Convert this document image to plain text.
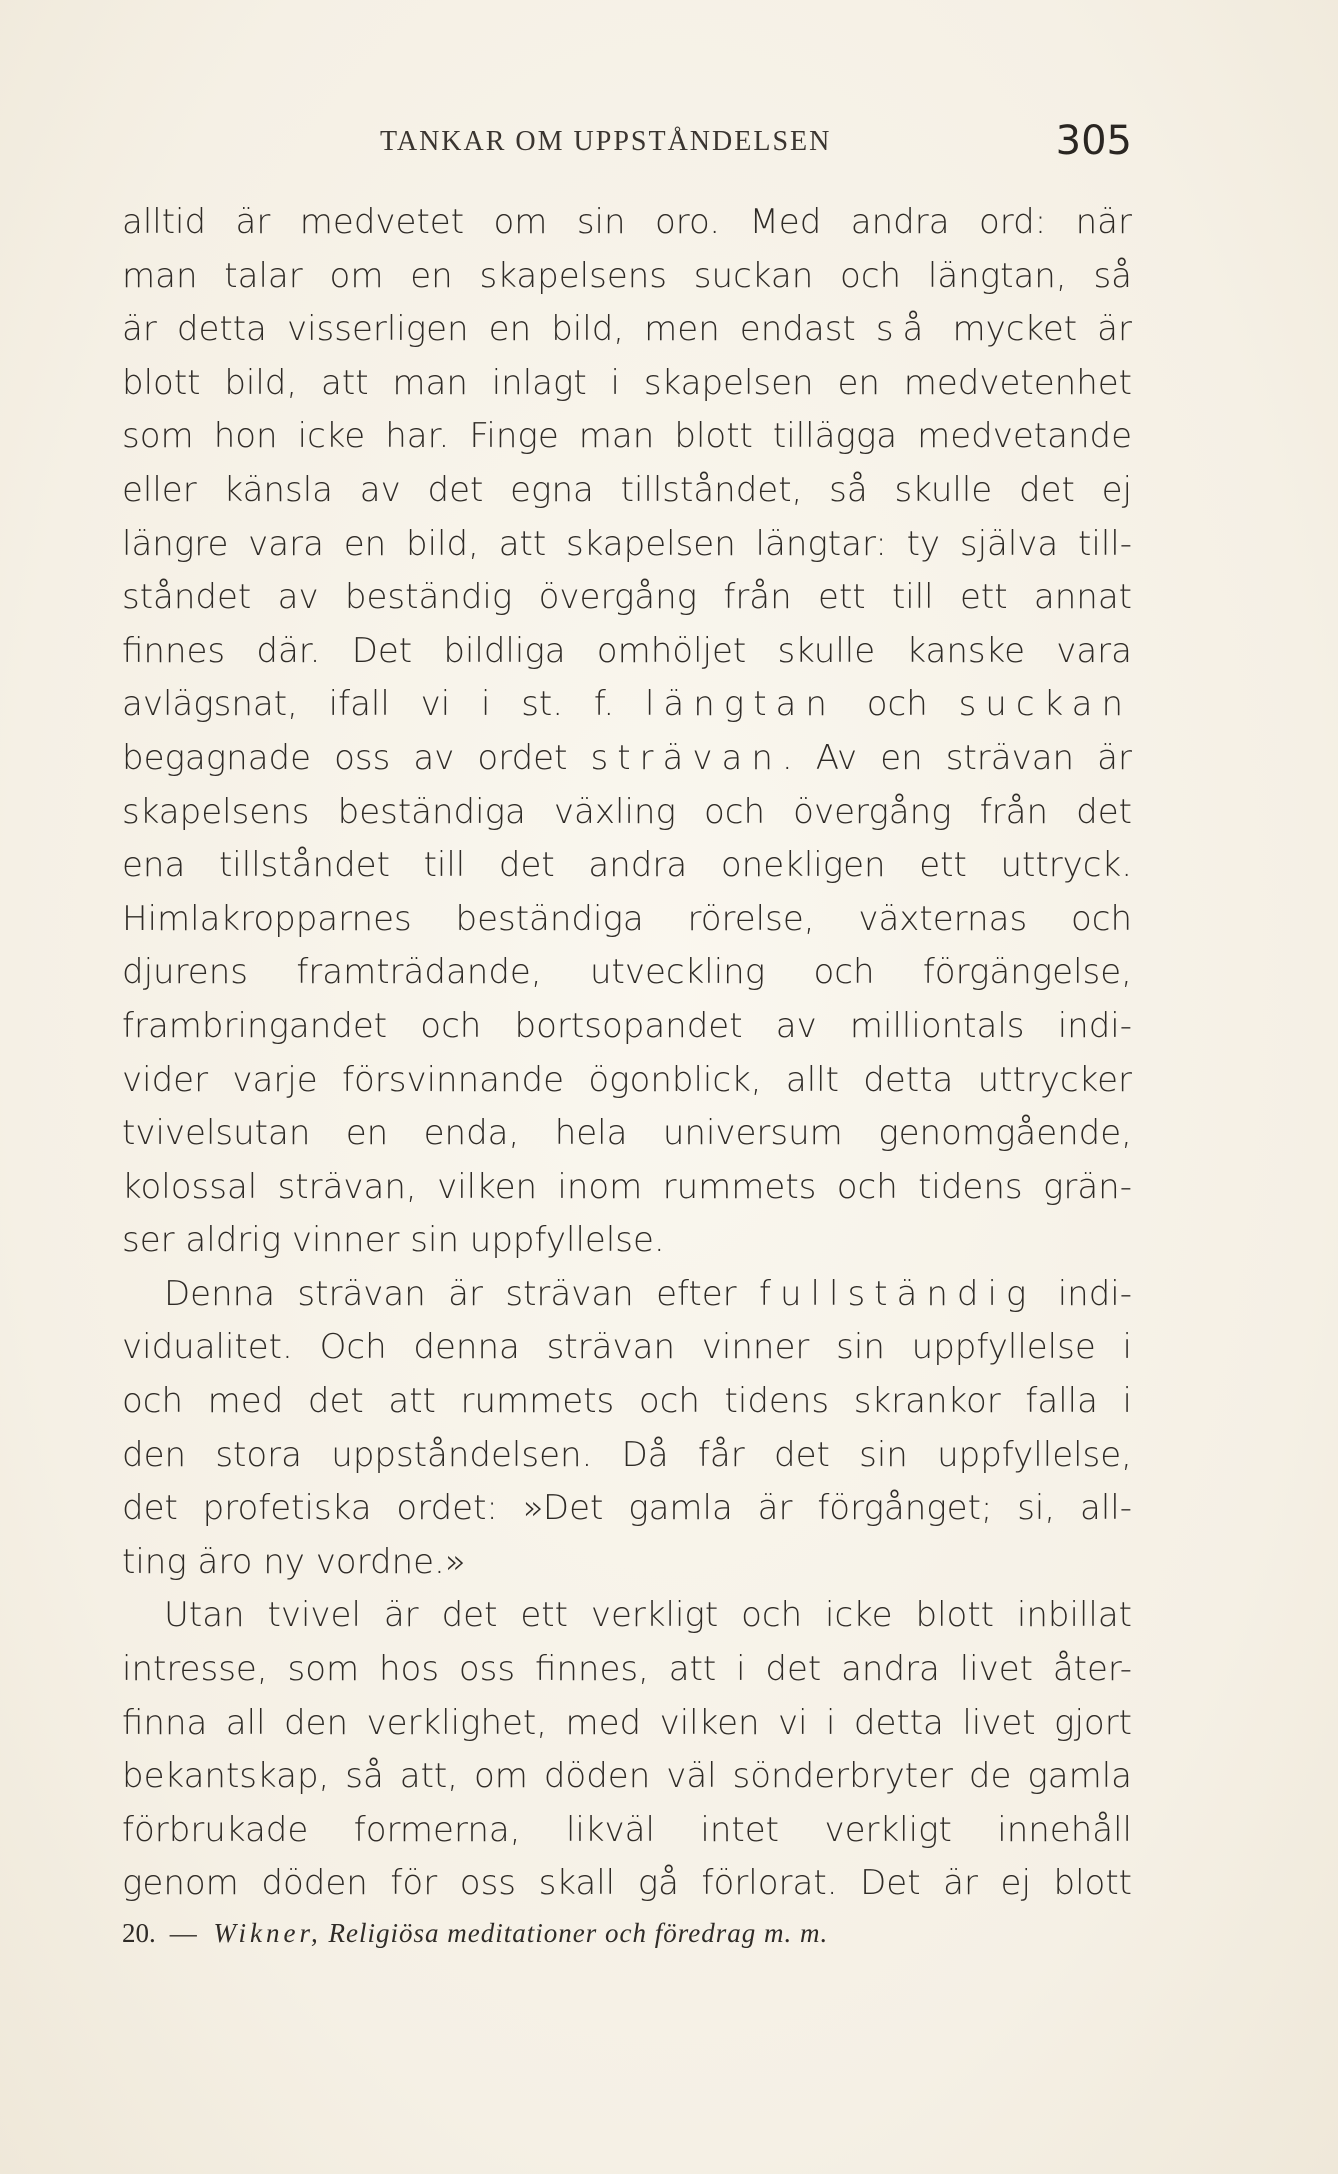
TANKAR OM UPPSTÅNDELSEN	305
alltid är medvetet om sin oro. Med andra ord: när
man talar om en skapelsens suckan och längtan, så
är detta visserligen en bild, men endast så mycket är
blott bild, att man inlagt i skapelsen en medvetenhet
som hon icke har. Finge man blott tillägga medvetande
eller känsla av det egna tillståndet, så skulle det ej
längre vara en bild, att skapelsen längtar: ty själva till-
ståndet av beständig övergång från ett till ett annat
finnes där. Det bildliga omhöljet skulle kanske vara
avlägsnat, ifall vi i st. f. längtan och suckan
begagnade oss av ordet strävan. Av en strävan är
skapelsens beständiga växling och övergång från det
ena tillståndet till det andra onekligen ett uttryck.
Himlakropparnes beständiga rörelse, växternas och
djurens framträdande, utveckling och förgängelse,
frambringandet och bortsopandet av milliontals indi-
vider varje försvinnande ögonblick, allt detta uttrycker
tvivelsutan en enda, hela universum genomgående,
kolossal strävan, vilken inom rummets och tidens grän-
ser aldrig vinner sin uppfyllelse.
Denna strävan är strävan efter fullständig indi-
vidualitet. Och denna strävan vinner sin uppfyllelse i
och med det att rummets och tidens skrankor falla i
den stora uppståndelsen. Då får det sin uppfyllelse,
det profetiska ordet: »Det gamla är förgånget; si, all-
ting äro ny vordne.»
Utan tvivel är det ett verkligt och icke blott inbillat
intresse, som hos oss finnes, att i det andra livet åter-
finna all den verklighet, med vilken vi i detta livet gjort
bekantskap, så att, om döden väl sönderbryter de gamla
förbrukade formerna, likväl intet verkligt innehåll
genom döden för oss skall gå förlorat. Det är ej blott
20. — Wikner, Religiösa meditationer och föredrag m. m.
